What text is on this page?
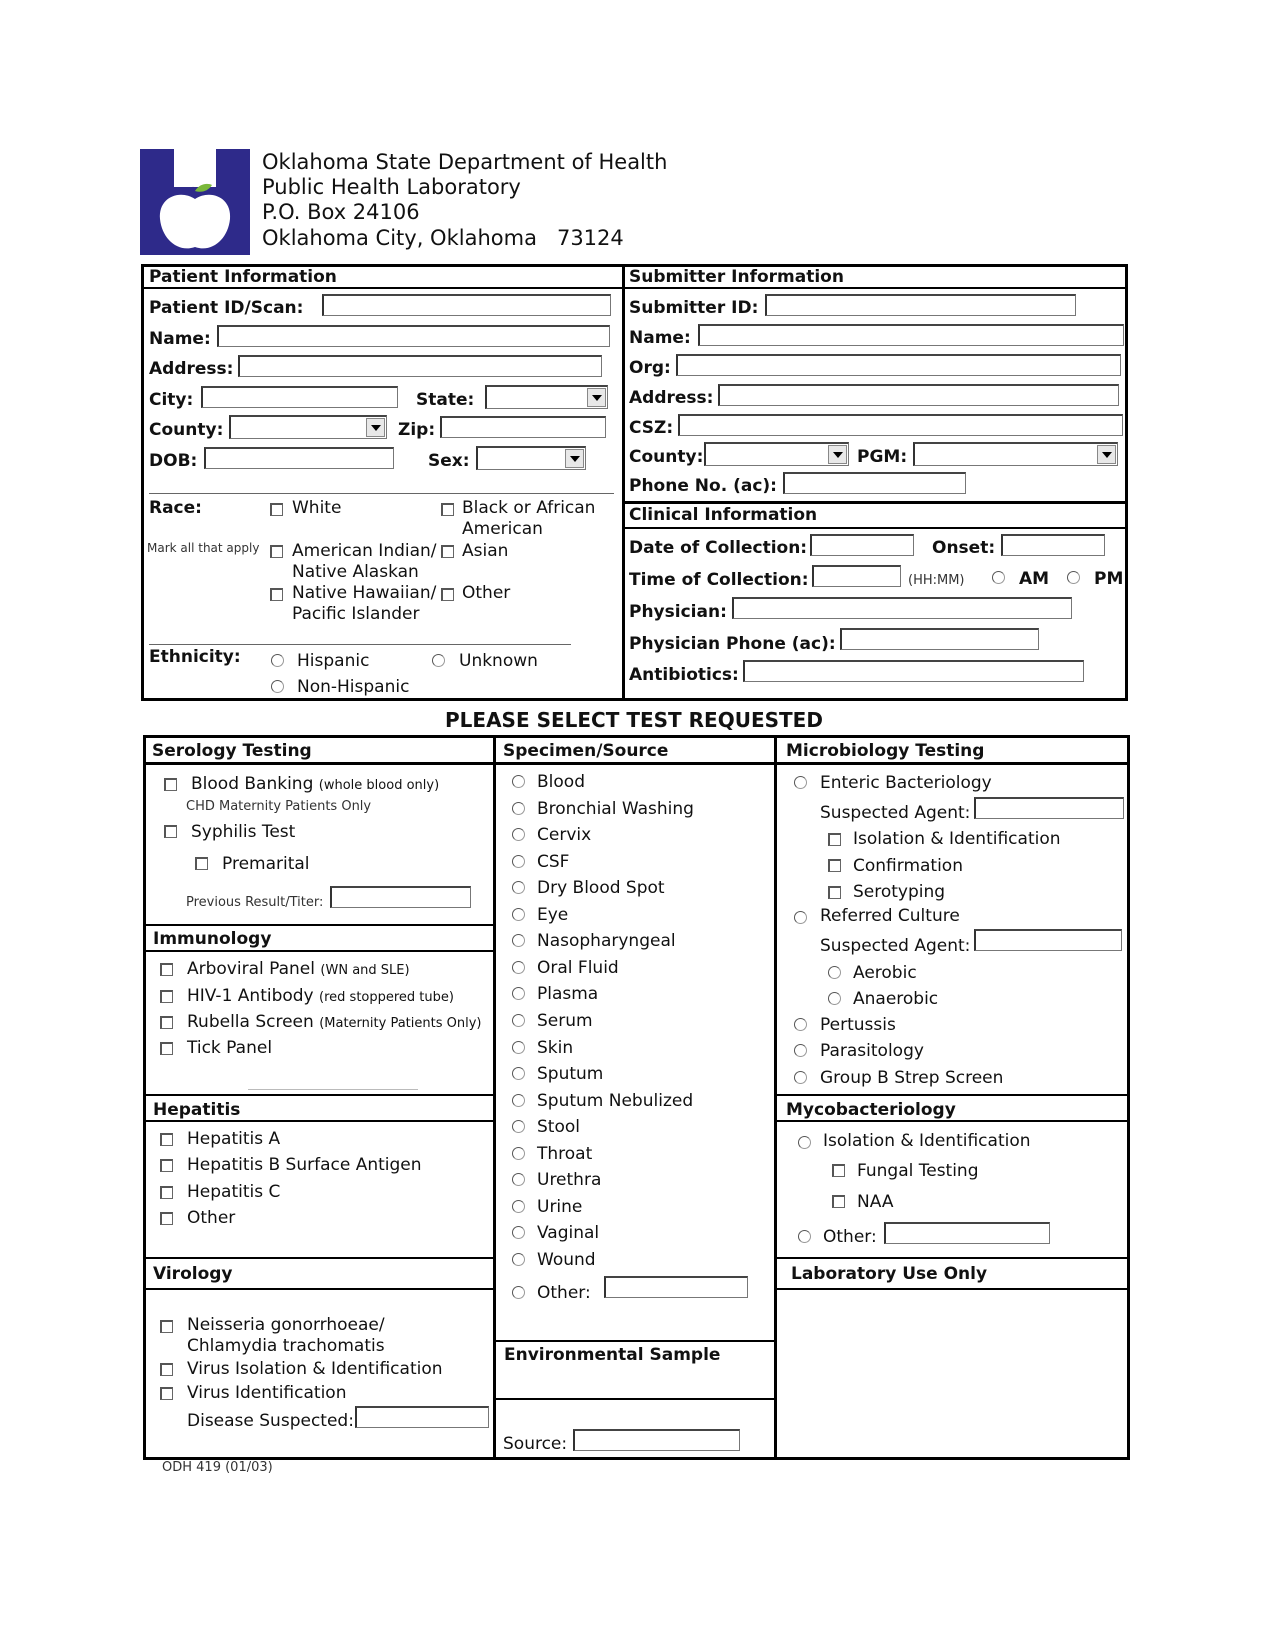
Oklahoma State Department of Health
Public Health Laboratory
P.O. Box 24106
Oklahoma City, Oklahoma   73124
Patient Information
Patient ID/Scan:
Name:
Address:
City:	State:
County:	Zip:
DOB:	Sex:
Race:
Mark all that apply
White	Black or African
American
American Indian/
Native Alaskan
Asian
Native Hawaiian/
Pacific Islander
Other
Ethnicity:	Hispanic	Unknown
Non-Hispanic
Submitter Information
Submitter ID:
Name:
Org:
Address:
CSZ:
County:	PGM:
Phone No. (ac):
Clinical Information
Date of Collection:	Onset:
Time of Collection:	(HH:MM)	AM	PM
Physician:
Physician Phone (ac):
Antibiotics:
PLEASE SELECT TEST REQUESTED
Serology Testing
Blood Banking (whole blood only)
CHD Maternity Patients Only
Syphilis Test
Premarital
Previous Result/Titer:
Immunology
Arboviral Panel (WN and SLE)
HIV-1 Antibody (red stoppered tube)
Rubella Screen (Maternity Patients Only)
Tick Panel
Hepatitis
Hepatitis A
Hepatitis B Surface Antigen
Hepatitis C
Other
Virology
Neisseria gonorrhoeae/
Chlamydia trachomatis
Virus Isolation & Identification
Virus Identification
Disease Suspected:
Specimen/Source
Blood
Bronchial Washing
Cervix
CSF
Dry Blood Spot
Eye
Nasopharyngeal
Oral Fluid
Plasma
Serum
Skin
Sputum
Sputum Nebulized
Stool
Throat
Urethra
Urine
Vaginal
Wound
Other:
Environmental Sample
Source:
Microbiology Testing
Enteric Bacteriology
Suspected Agent:
Isolation & Identification
Confirmation
Serotyping
Referred Culture
Suspected Agent:
Aerobic
Anaerobic
Pertussis
Parasitology
Group B Strep Screen
Mycobacteriology
Isolation & Identification
Fungal Testing
NAA
Other:
Laboratory Use Only
ODH 419 (01/03)
